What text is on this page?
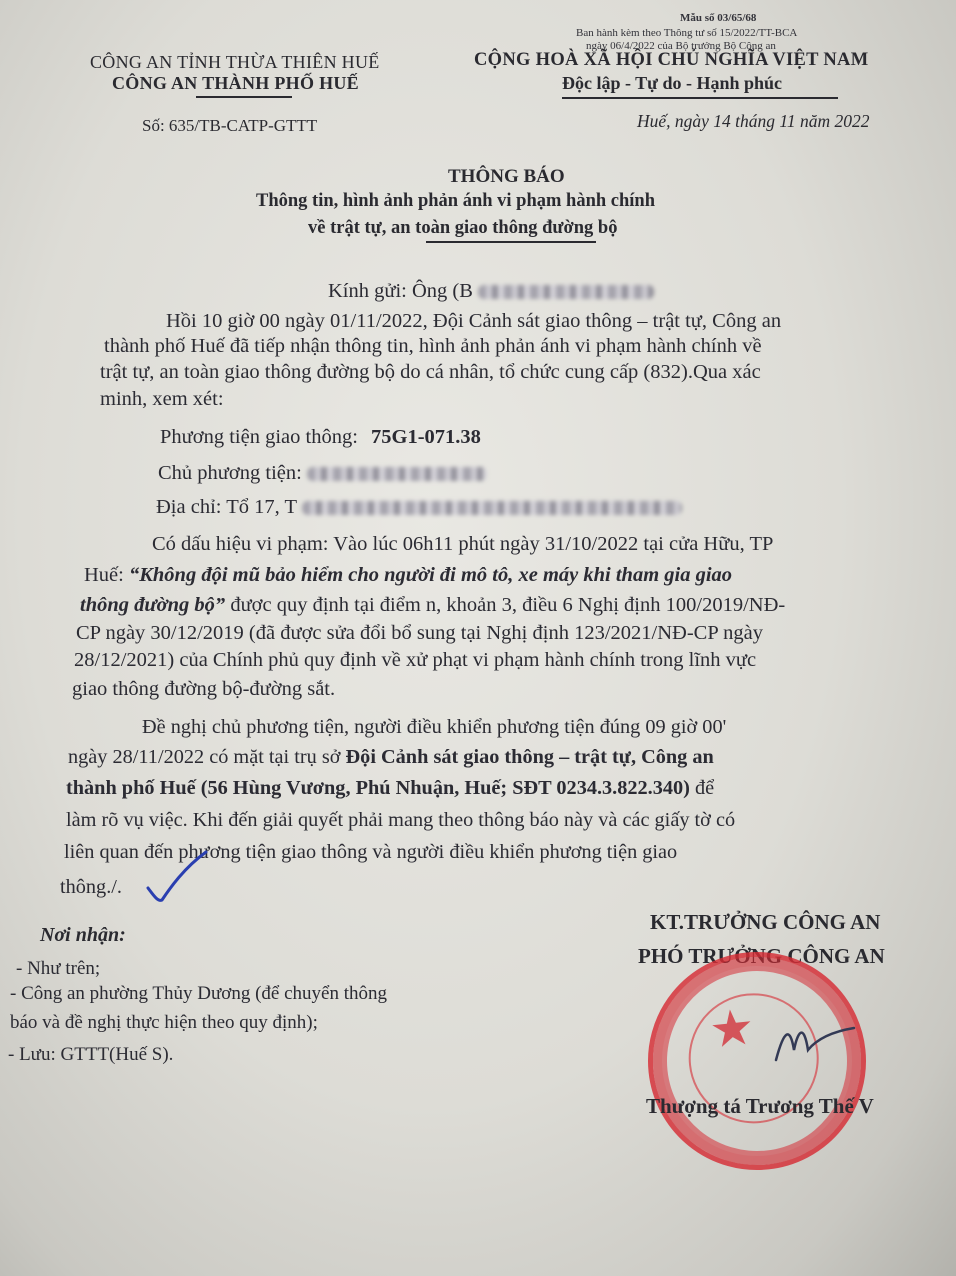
Mẫu số 03/65/68
Ban hành kèm theo Thông tư số 15/2022/TT-BCA
ngày 06/4/2022 của Bộ trưởng Bộ Công an
CÔNG AN TỈNH THỪA THIÊN HUẾ
CÔNG AN THÀNH PHỐ HUẾ
Số: 635/TB-CATP-GTTT
CỘNG HOÀ XÃ HỘI CHỦ NGHĨA VIỆT NAM
Độc lập - Tự do - Hạnh phúc
Huế, ngày 14 tháng 11 năm 2022
THÔNG BÁO
Thông tin, hình ảnh phản ánh vi phạm hành chính
về trật tự, an toàn giao thông đường bộ
Kính gửi: Ông (B
Hồi 10 giờ 00 ngày 01/11/2022, Đội Cảnh sát giao thông – trật tự, Công an
thành phố Huế đã tiếp nhận thông tin, hình ảnh phản ánh vi phạm hành chính về
trật tự, an toàn giao thông đường bộ do cá nhân, tổ chức cung cấp (832).Qua xác
minh, xem xét:
Phương tiện giao thông: 75G1-071.38
Chủ phương tiện:
Địa chỉ: Tổ 17, T
Có dấu hiệu vi phạm: Vào lúc 06h11 phút ngày 31/10/2022 tại cửa Hữu, TP
Huế: “Không đội mũ bảo hiểm cho người đi mô tô, xe máy khi tham gia giao
thông đường bộ” được quy định tại điểm n, khoản 3, điều 6 Nghị định 100/2019/NĐ-
CP ngày 30/12/2019 (đã được sửa đổi bổ sung tại Nghị định 123/2021/NĐ-CP ngày
28/12/2021) của Chính phủ quy định về xử phạt vi phạm hành chính trong lĩnh vực
giao thông đường bộ-đường sắt.
Đề nghị chủ phương tiện, người điều khiển phương tiện đúng 09 giờ 00'
ngày 28/11/2022 có mặt tại trụ sở Đội Cảnh sát giao thông – trật tự, Công an
thành phố Huế (56 Hùng Vương, Phú Nhuận, Huế; SĐT 0234.3.822.340) để
làm rõ vụ việc. Khi đến giải quyết phải mang theo thông báo này và các giấy tờ có
liên quan đến phương tiện giao thông và người điều khiển phương tiện giao
thông./.
Nơi nhận:
- Như trên;
- Công an phường Thủy Dương (để chuyển thông
báo và đề nghị thực hiện theo quy định);
- Lưu: GTTT(Huế S).
KT.TRƯỞNG CÔNG AN
PHÓ TRƯỞNG CÔNG AN
★
Thượng tá Trương Thế V
